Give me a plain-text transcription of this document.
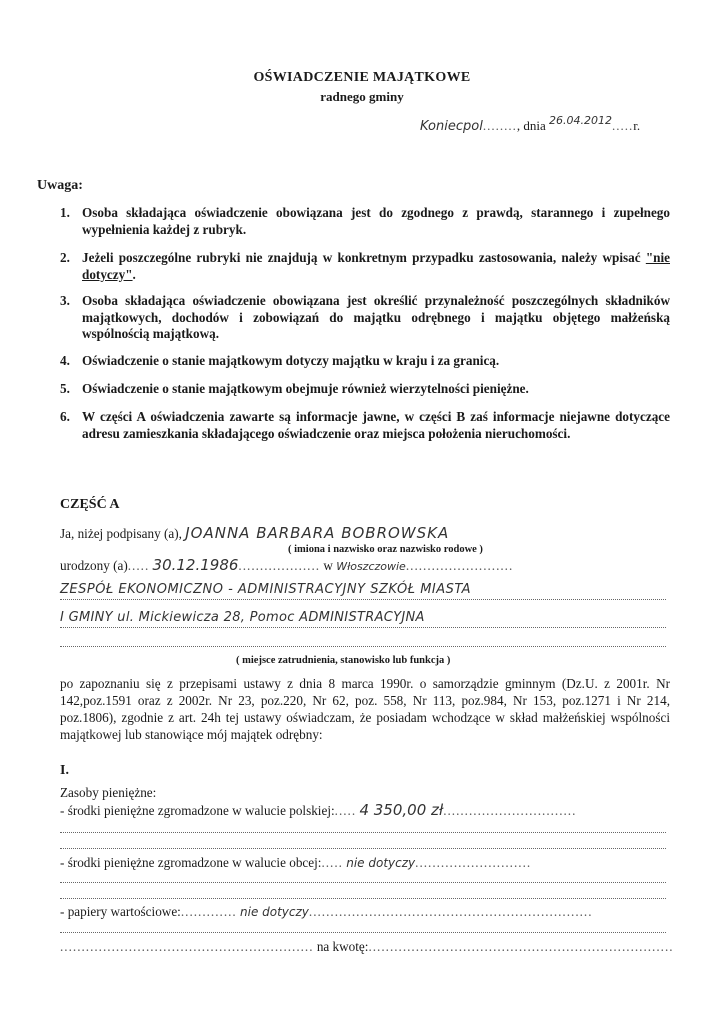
OŚWIADCZENIE MAJĄTKOWE
radnego gminy
Koniecpol........, dnia $^{26.04.2012}$.....r.
Uwaga:
1. Osoba składająca oświadczenie obowiązana jest do zgodnego z prawdą, starannego i zupełnego wypełnienia każdej z rubryk.
2. Jeżeli poszczególne rubryki nie znajdują w konkretnym przypadku zastosowania, należy wpisać "nie dotyczy".
3. Osoba składająca oświadczenie obowiązana jest określić przynależność poszczególnych składników majątkowych, dochodów i zobowiązań do majątku odrębnego i majątku objętego małżeńską wspólnością majątkową.
4. Oświadczenie o stanie majątkowym dotyczy majątku w kraju i za granicą.
5. Oświadczenie o stanie majątkowym obejmuje również wierzytelności pieniężne.
6. W części A oświadczenia zawarte są informacje jawne, w części B zaś informacje niejawne dotyczące adresu zamieszkania składającego oświadczenie oraz miejsca położenia nieruchomości.
CZĘŚĆ A
Ja, niżej podpisany (a), JOANNA BARBARA BOBROWSKA
( imiona i nazwisko oraz nazwisko rodowe )
urodzony (a)..... 30.12.1986................... w Włoszczowie.........................
ZESPÓŁ EKONOMICZNO - ADMINISTRACYJNY SZKÓŁ MIASTA
I GMINY ul. Mickiewicza 28, Pomoc ADMINISTRACYJNA
( miejsce zatrudnienia, stanowisko lub funkcja )
po zapoznaniu się z przepisami ustawy z dnia 8 marca 1990r. o samorządzie gminnym (Dz.U. z 2001r. Nr 142,poz.1591 oraz z 2002r. Nr 23, poz.220, Nr 62, poz. 558, Nr 113, poz.984, Nr 153, poz.1271 i Nr 214, poz.1806), zgodnie z art. 24h tej ustawy oświadczam, że posiadam wchodzące w skład małżeńskiej wspólności majątkowej lub stanowiące mój majątek odrębny:
I.
Zasoby pieniężne:
- środki pieniężne zgromadzone w walucie polskiej:..... 4 350,00 zł...............................
- środki pieniężne zgromadzone w walucie obcej:..... nie dotyczy...........................
- papiery wartościowe:............. nie dotyczy..................................................................
........................................................... na kwotę:.......................................................................
